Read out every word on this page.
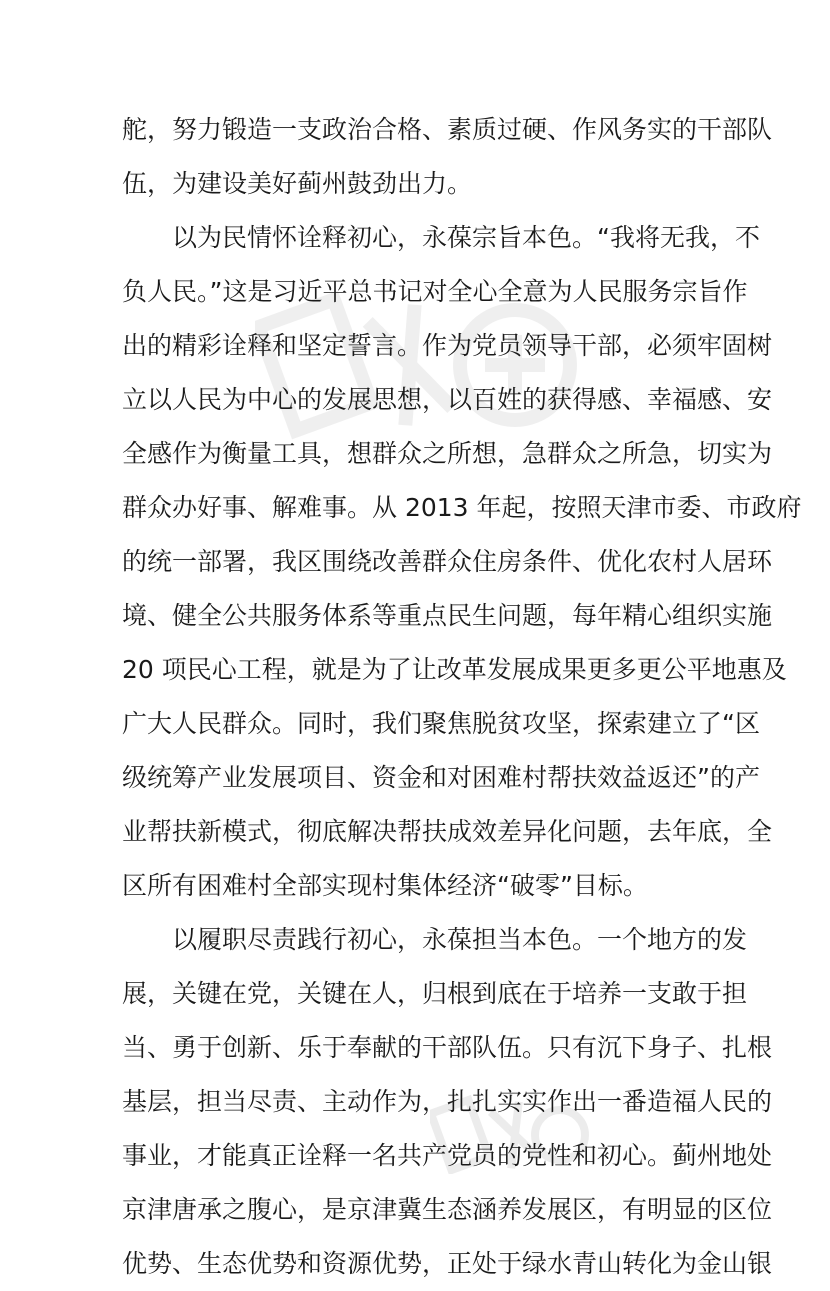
舵，努力锻造一支政治合格、素质过硬、作风务实的干部队
伍，为建设美好蓟州鼓劲出力。
以为民情怀诠释初心，永葆宗旨本色。“我将无我，不
负人民。”这是习近平总书记对全心全意为人民服务宗旨作
出的精彩诠释和坚定誓言。作为党员领导干部，必须牢固树
立以人民为中心的发展思想，以百姓的获得感、幸福感、安
全感作为衡量工具，想群众之所想，急群众之所急，切实为
群众办好事、解难事。从 2013 年起，按照天津市委、市政府
的统一部署，我区围绕改善群众住房条件、优化农村人居环
境、健全公共服务体系等重点民生问题，每年精心组织实施
20 项民心工程，就是为了让改革发展成果更多更公平地惠及
广大人民群众。同时，我们聚焦脱贫攻坚，探索建立了“区
级统筹产业发展项目、资金和对困难村帮扶效益返还”的产
业帮扶新模式，彻底解决帮扶成效差异化问题，去年底，全
区所有困难村全部实现村集体经济“破零”目标。
以履职尽责践行初心，永葆担当本色。一个地方的发
展，关键在党，关键在人，归根到底在于培养一支敢于担
当、勇于创新、乐于奉献的干部队伍。只有沉下身子、扎根
基层，担当尽责、主动作为，扎扎实实作出一番造福人民的
事业，才能真正诠释一名共产党员的党性和初心。蓟州地处
京津唐承之腹心，是京津冀生态涵养发展区，有明显的区位
优势、生态优势和资源优势，正处于绿水青山转化为金山银
